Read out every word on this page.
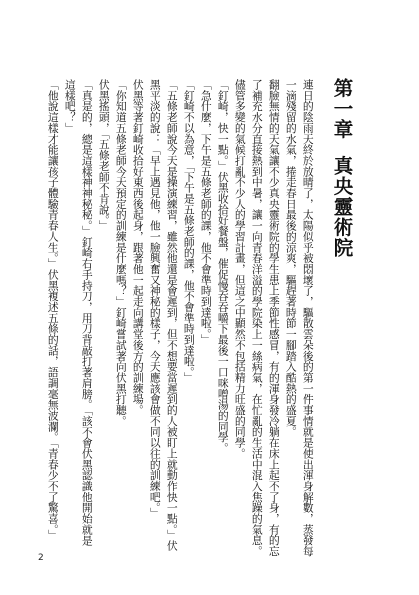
第一章真央靈術院
連日的陰雨天終於放晴了，太陽似乎被悶壞了，驅散雲朵後的第一件事情就是使出渾身解數，蒸發每
一滴殘留的水氣，捲走春日最後的涼爽，驅趕著時節一腳踏入酷熱的盛夏。
翻臉無情的天氣讓不少真央靈術院的學生患上季節性感冒，有的渾身發冷躺在床上起不了身，有的忘
了補充水分直接熱到中暑，讓一向青春洋溢的學院染上一絲病氣，在忙亂的生活中混入焦躁的氣息。
儘管多變的氣候打亂不少人的學習計畫，但這之中顯然不包括精力旺盛的同學。
「釘崎，快一點。」伏黑收拾好餐盤，催促慢吞吞嚼下最後一口咪噌湯的同學。
「急什麼，下午是五條老師的課，他不會準時到達啦。」
「釘崎不以為意，「下午是五條老師的課，他不會準時到達啦。」
「五條老師說今天是操演練習，雖然他還是會遲到，但不想要當遲到的人被盯上就動作快一點。」伏
黑平淡的說：「早上遇見他，他一臉興奮又神秘的樣子，今天應該會做不同以往的訓練吧。」
伏黑等著釘崎收拾好東西後起身，跟著他一起走向講堂後方的訓練場。
「你知道五條老師今天預定的訓練是什麼嗎？」釘崎嘗試著向伏黑打聽。
伏黑搖頭，「五條老師不肯說。」
「真是的，總是這樣神神秘秘。」釘崎右手持刀，用刀背敲打著肩膀。「該不會伏黑認識他開始就是
這樣吧？」
「他說這樣才能讓孩子體驗青春人生。」伏黑複述五條的話，語調毫無波瀾。「青春少不了驚喜。」
2
